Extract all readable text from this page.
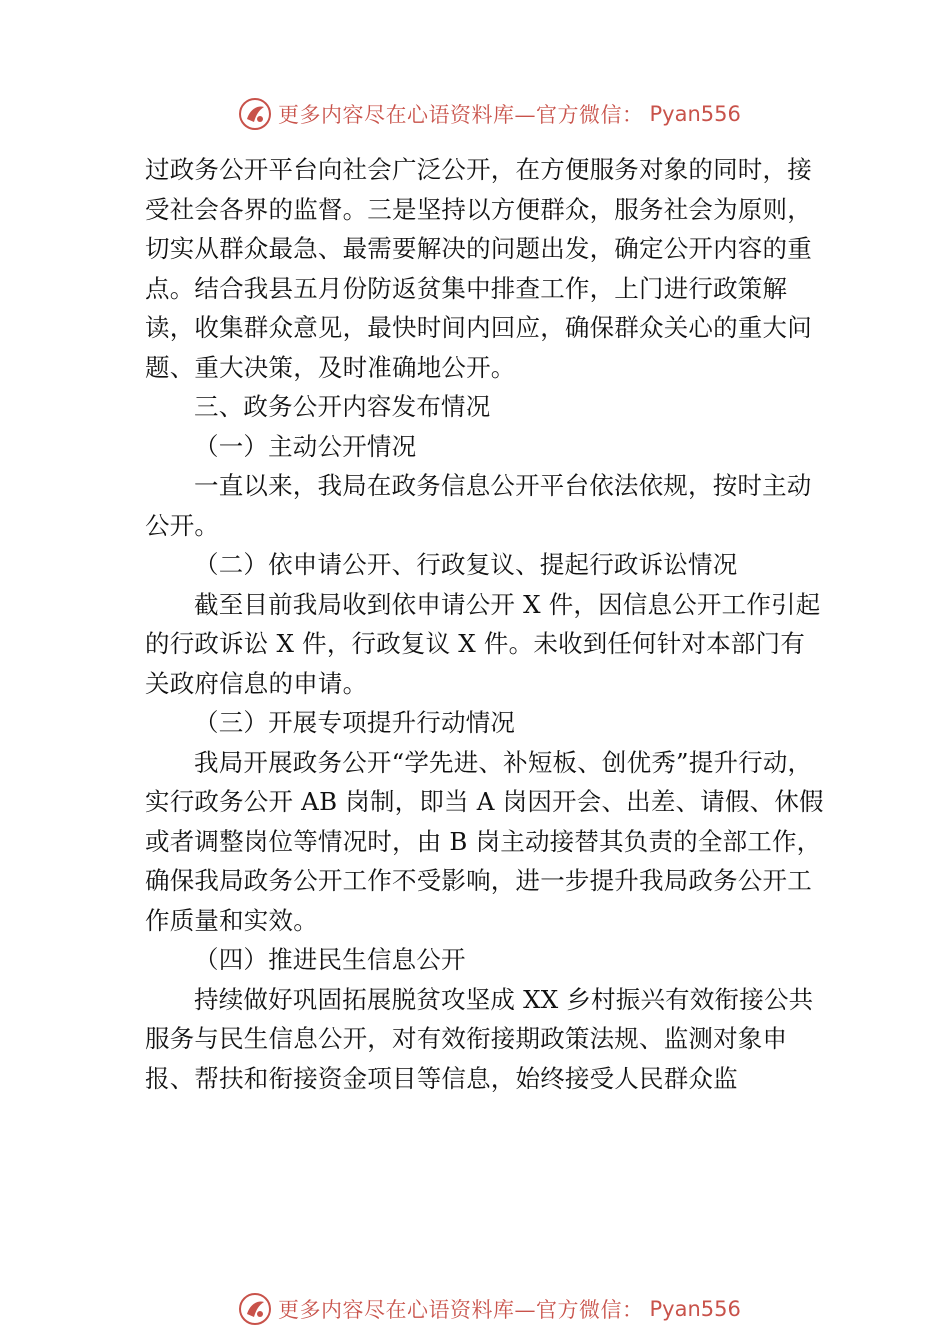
更多内容尽在心语资料库—官方微信： Pyan556

过政务公开平台向社会广泛公开，在方便服务对象的同时，接受社会各界的监督。三是坚持以方便群众，服务社会为原则，切实从群众最急、最需要解决的问题出发，确定公开内容的重点。结合我县五月份防返贫集中排查工作，上门进行政策解读，收集群众意见，最快时间内回应，确保群众关心的重大问题、重大决策，及时准确地公开。

三、政务公开内容发布情况

（一）主动公开情况

一直以来，我局在政务信息公开平台依法依规，按时主动公开。

（二）依申请公开、行政复议、提起行政诉讼情况

截至目前我局收到依申请公开 X 件，因信息公开工作引起的行政诉讼 X 件，行政复议 X 件。未收到任何针对本部门有关政府信息的申请。

（三）开展专项提升行动情况

我局开展政务公开“学先进、补短板、创优秀”提升行动，实行政务公开 AB 岗制，即当 A 岗因开会、出差、请假、休假或者调整岗位等情况时，由 B 岗主动接替其负责的全部工作，确保我局政务公开工作不受影响，进一步提升我局政务公开工作质量和实效。

（四）推进民生信息公开

持续做好巩固拓展脱贫攻坚成 XX 乡村振兴有效衔接公共服务与民生信息公开，对有效衔接期政策法规、监测对象申报、帮扶和衔接资金项目等信息，始终接受人民群众监

更多内容尽在心语资料库—官方微信： Pyan556
